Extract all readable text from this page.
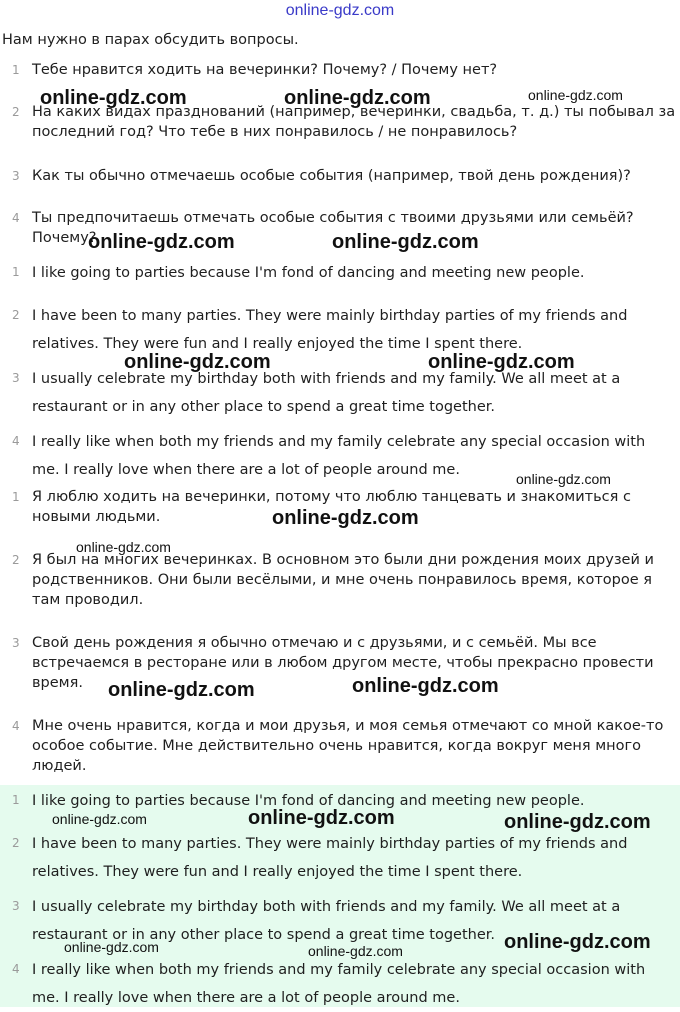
online-gdz.com
Нам нужно в парах обсудить вопросы.
1 Тебе нравится ходить на вечеринки? Почему? / Почему нет?
2 На каких видах празднований (например, вечеринки, свадьба, т. д.) ты побывал за последний год? Что тебе в них понравилось / не понравилось?
3 Как ты обычно отмечаешь особые события (например, твой день рождения)?
4 Ты предпочитаешь отмечать особые события с твоими друзьями или семьёй? Почему?
1 I like going to parties because I'm fond of dancing and meeting new people.
2 I have been to many parties. They were mainly birthday parties of my friends and relatives. They were fun and I really enjoyed the time I spent there.
3 I usually celebrate my birthday both with friends and my family. We all meet at a restaurant or in any other place to spend a great time together.
4 I really like when both my friends and my family celebrate any special occasion with me. I really love when there are a lot of people around me.
1 Я люблю ходить на вечеринки, потому что люблю танцевать и знакомиться с новыми людьми.
2 Я был на многих вечеринках. В основном это были дни рождения моих друзей и родственников. Они были весёлыми, и мне очень понравилось время, которое я там проводил.
3 Свой день рождения я обычно отмечаю и с друзьями, и с семьёй. Мы все встречаемся в ресторане или в любом другом месте, чтобы прекрасно провести время.
4 Мне очень нравится, когда и мои друзья, и моя семья отмечают со мной какое-то особое событие. Мне действительно очень нравится, когда вокруг меня много людей.
1 I like going to parties because I'm fond of dancing and meeting new people.
2 I have been to many parties. They were mainly birthday parties of my friends and relatives. They were fun and I really enjoyed the time I spent there.
3 I usually celebrate my birthday both with friends and my family. We all meet at a restaurant or in any other place to spend a great time together.
4 I really like when both my friends and my family celebrate any special occasion with me. I really love when there are a lot of people around me.
online-gdz.com	online-gdz.com	online-gdz.com
online-gdz.com	online-gdz.com
online-gdz.com	online-gdz.com
online-gdz.com
online-gdz.com
online-gdz.com
online-gdz.com	online-gdz.com
online-gdz.com	online-gdz.com	online-gdz.com
online-gdz.com	online-gdz.com	online-gdz.com
